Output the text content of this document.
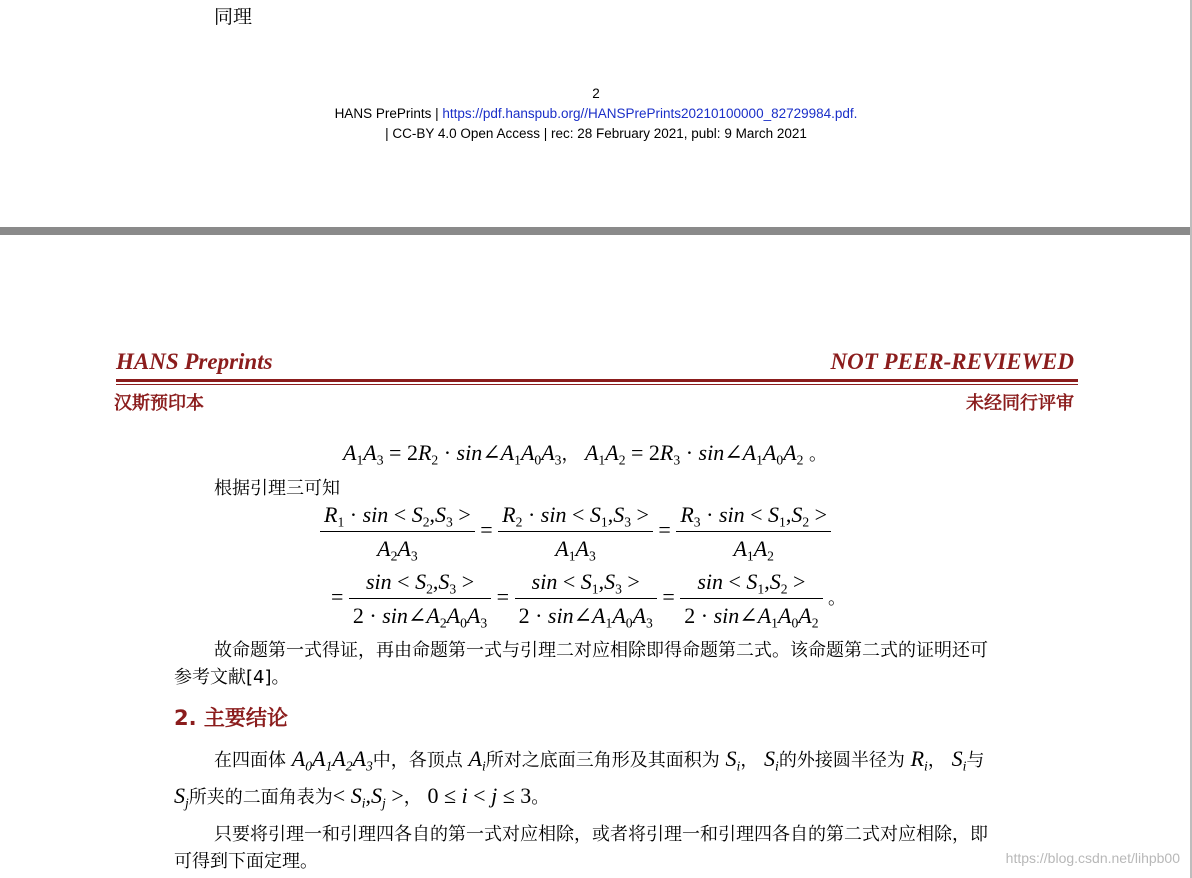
同理
2
HANS PrePrints | https://pdf.hanspub.org//HANSPrePrints20210100000_82729984.pdf.
| CC-BY 4.0 Open Access | rec: 28 February 2021, publ: 9 March 2021
HANS Preprints	NOT PEER-REVIEWED
汉斯预印本	未经同行评审
$A_1A_3 = 2R_2$ · $\sin\angle A_1A_0A_3$， $A_1A_2 = 2R_3$ · $\sin\angle A_1A_0A_2$ 。
根据引理三可知
$\frac{R_1 \cdot \sin < S_2,S_3 >}{A_2A_3} = \frac{R_2 \cdot \sin < S_1,S_3 >}{A_1A_3} = \frac{R_3 \cdot \sin < S_1,S_2 >}{A_1A_2}$
= $\frac{\sin < S_2,S_3 >}{2 \cdot \sin\angle A_2A_0A_3} = \frac{\sin < S_1,S_3 >}{2 \cdot \sin\angle A_1A_0A_3} = \frac{\sin < S_1,S_2 >}{2 \cdot \sin\angle A_1A_0A_2}$ 。
故命题第一式得证，再由命题第一式与引理二对应相除即得命题第二式。该命题第二式的证明还可
参考文献[4]。
2. 主要结论
在四面体 $A_0A_1A_2A_3$中，各顶点 $A_i$所对之底面三角形及其面积为 $S_i$， $S_i$的外接圆半径为 $R_i$， $S_i$与
$S_j$所夹的二面角表为< $S_i,S_j$ >， 0 ≤ i < j ≤ 3。
只要将引理一和引理四各自的第一式对应相除，或者将引理一和引理四各自的第二式对应相除，即
可得到下面定理。	https://blog.csdn.net/lihpb00
